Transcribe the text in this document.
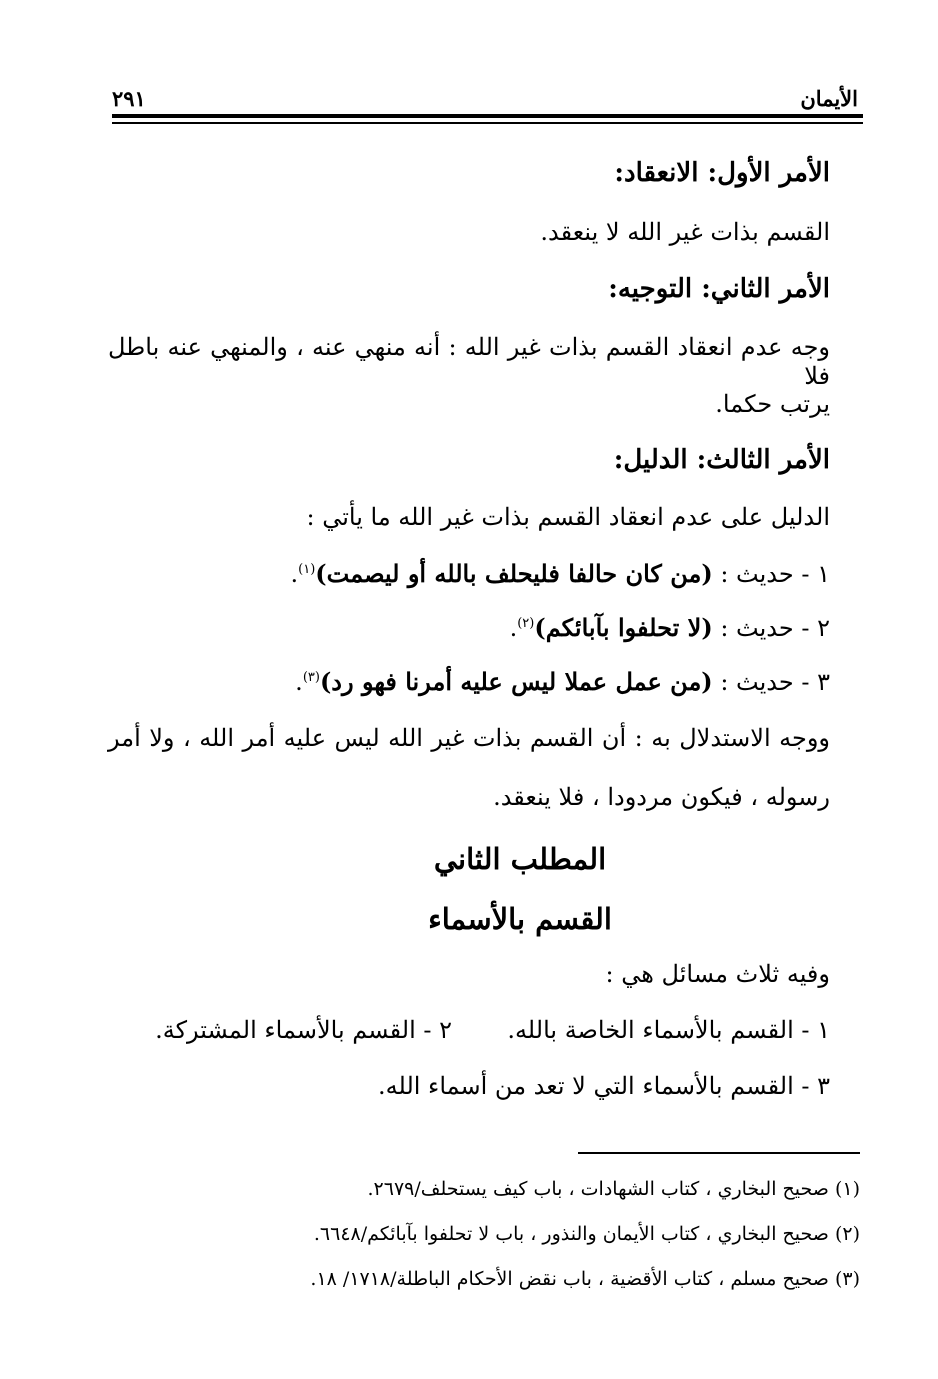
الأيمان
٢٩١
الأمر الأول: الانعقاد:
القسم بذات غير الله لا ينعقد.
الأمر الثاني: التوجيه:
وجه عدم انعقاد القسم بذات غير الله : أنه منهي عنه ، والمنهي عنه باطل فلا
يرتب حكما.
الأمر الثالث: الدليل:
الدليل على عدم انعقاد القسم بذات غير الله ما يأتي :
١ - حديث : (من كان حالفا فليحلف بالله أو ليصمت)$^{(١)}$.
٢ - حديث : (لا تحلفوا بآبائكم)$^{(٢)}$.
٣ - حديث : (من عمل عملا ليس عليه أمرنا فهو رد)$^{(٣)}$.
ووجه الاستدلال به : أن القسم بذات غير الله ليس عليه أمر الله ، ولا أمر
رسوله ، فيكون مردودا ، فلا ينعقد.
المطلب الثاني
القسم بالأسماء
وفيه ثلاث مسائل هي :
١ - القسم بالأسماء الخاصة بالله.  ٢ - القسم بالأسماء المشتركة.
٣ - القسم بالأسماء التي لا تعد من أسماء الله.
(١) صحيح البخاري ، كتاب الشهادات ، باب كيف يستحلف/٢٦٧٩.
(٢) صحيح البخاري ، كتاب الأيمان والنذور ، باب لا تحلفوا بآبائكم/٦٦٤٨.
(٣) صحيح مسلم ، كتاب الأقضية ، باب نقض الأحكام الباطلة/١٧١٨/ ١٨.
